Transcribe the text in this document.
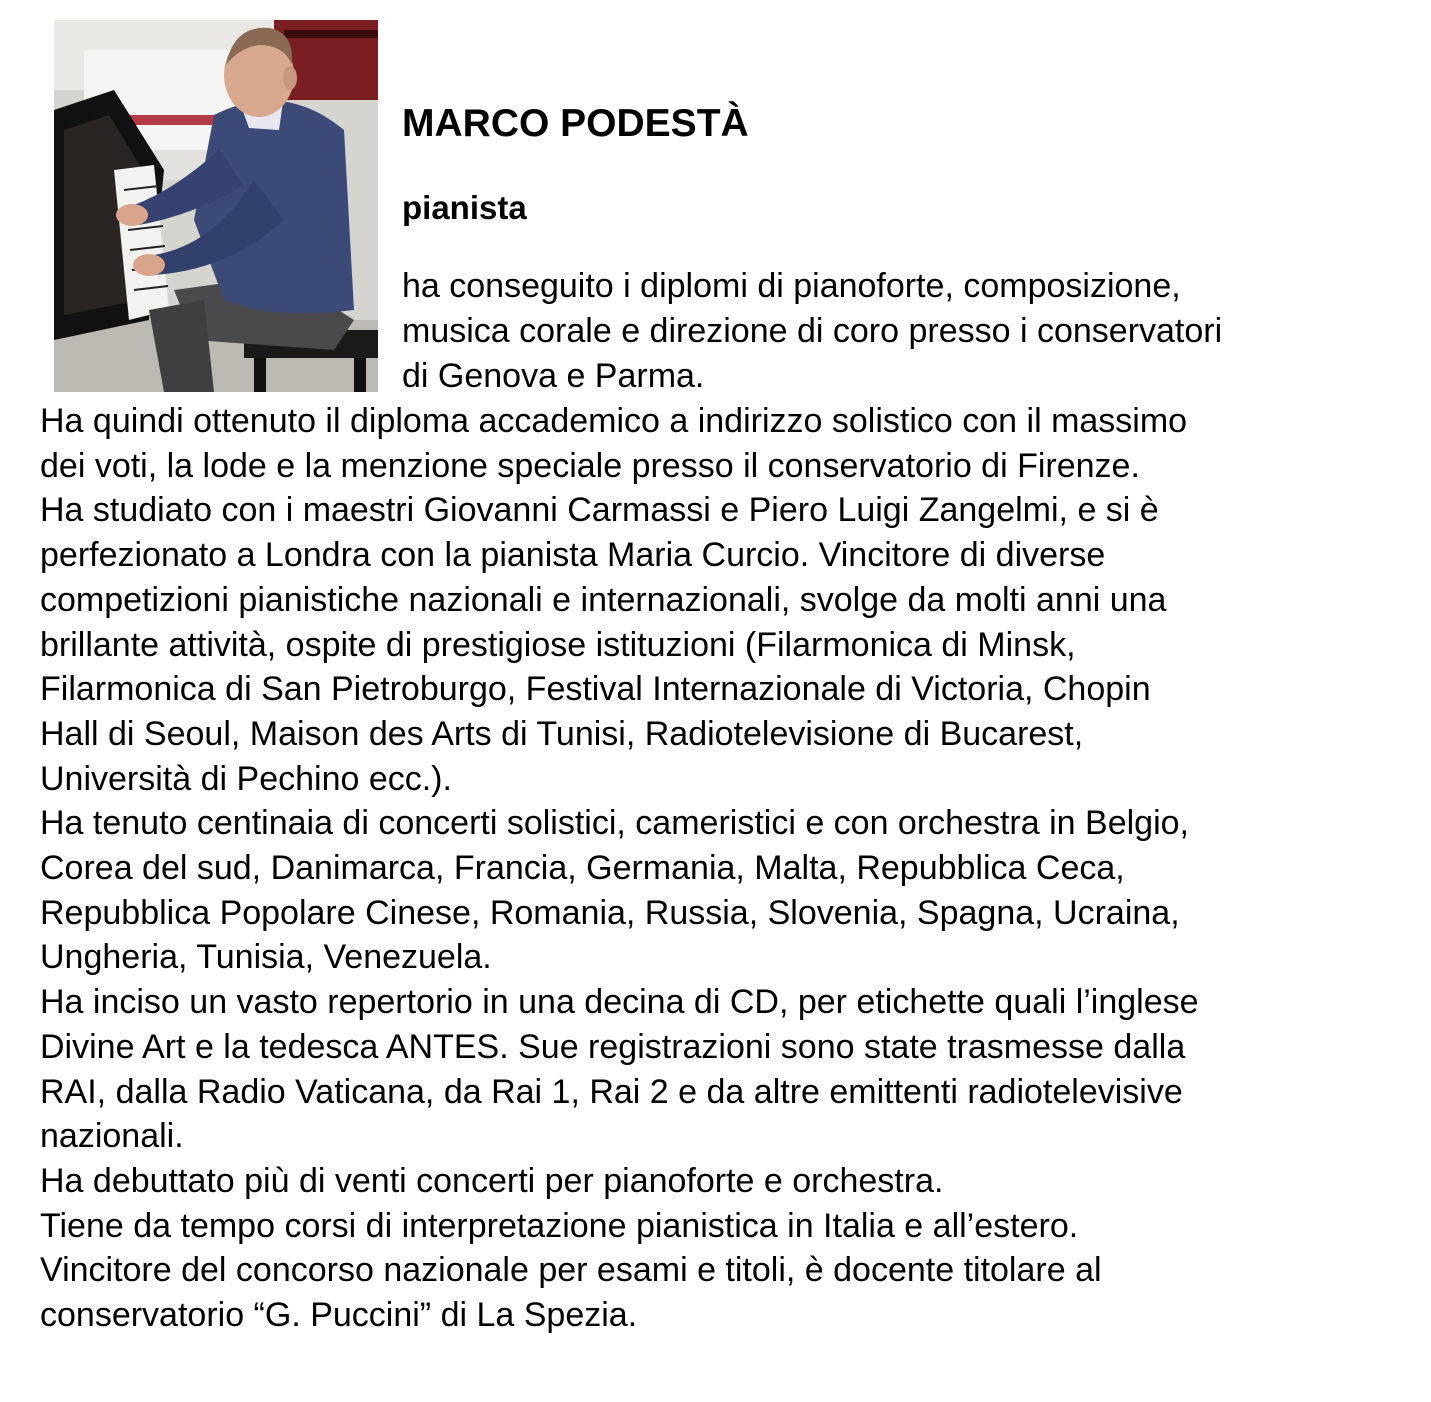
MARCO PODESTÀ
pianista
ha conseguito i diplomi di pianoforte, composizione,
musica corale e direzione di coro presso i conservatori
di Genova e Parma.
Ha quindi ottenuto il diploma accademico a indirizzo solistico con il massimo
dei voti, la lode e la menzione speciale presso il conservatorio di Firenze.
Ha studiato con i maestri Giovanni Carmassi e Piero Luigi Zangelmi, e si è
perfezionato a Londra con la pianista Maria Curcio. Vincitore di diverse
competizioni pianistiche nazionali e internazionali, svolge da molti anni una
brillante attività, ospite di prestigiose istituzioni (Filarmonica di Minsk,
Filarmonica di San Pietroburgo, Festival Internazionale di Victoria, Chopin
Hall di Seoul, Maison des Arts di Tunisi, Radiotelevisione di Bucarest,
Università di Pechino ecc.).
Ha tenuto centinaia di concerti solistici, cameristici e con orchestra in Belgio,
Corea del sud, Danimarca, Francia, Germania, Malta, Repubblica Ceca,
Repubblica Popolare Cinese, Romania, Russia, Slovenia, Spagna, Ucraina,
Ungheria, Tunisia, Venezuela.
Ha inciso un vasto repertorio in una decina di CD, per etichette quali l’inglese
Divine Art e la tedesca ANTES. Sue registrazioni sono state trasmesse dalla
RAI, dalla Radio Vaticana, da Rai 1, Rai 2 e da altre emittenti radiotelevisive
nazionali.
Ha debuttato più di venti concerti per pianoforte e orchestra.
Tiene da tempo corsi di interpretazione pianistica in Italia e all’estero.
Vincitore del concorso nazionale per esami e titoli, è docente titolare al
conservatorio “G. Puccini” di La Spezia.
